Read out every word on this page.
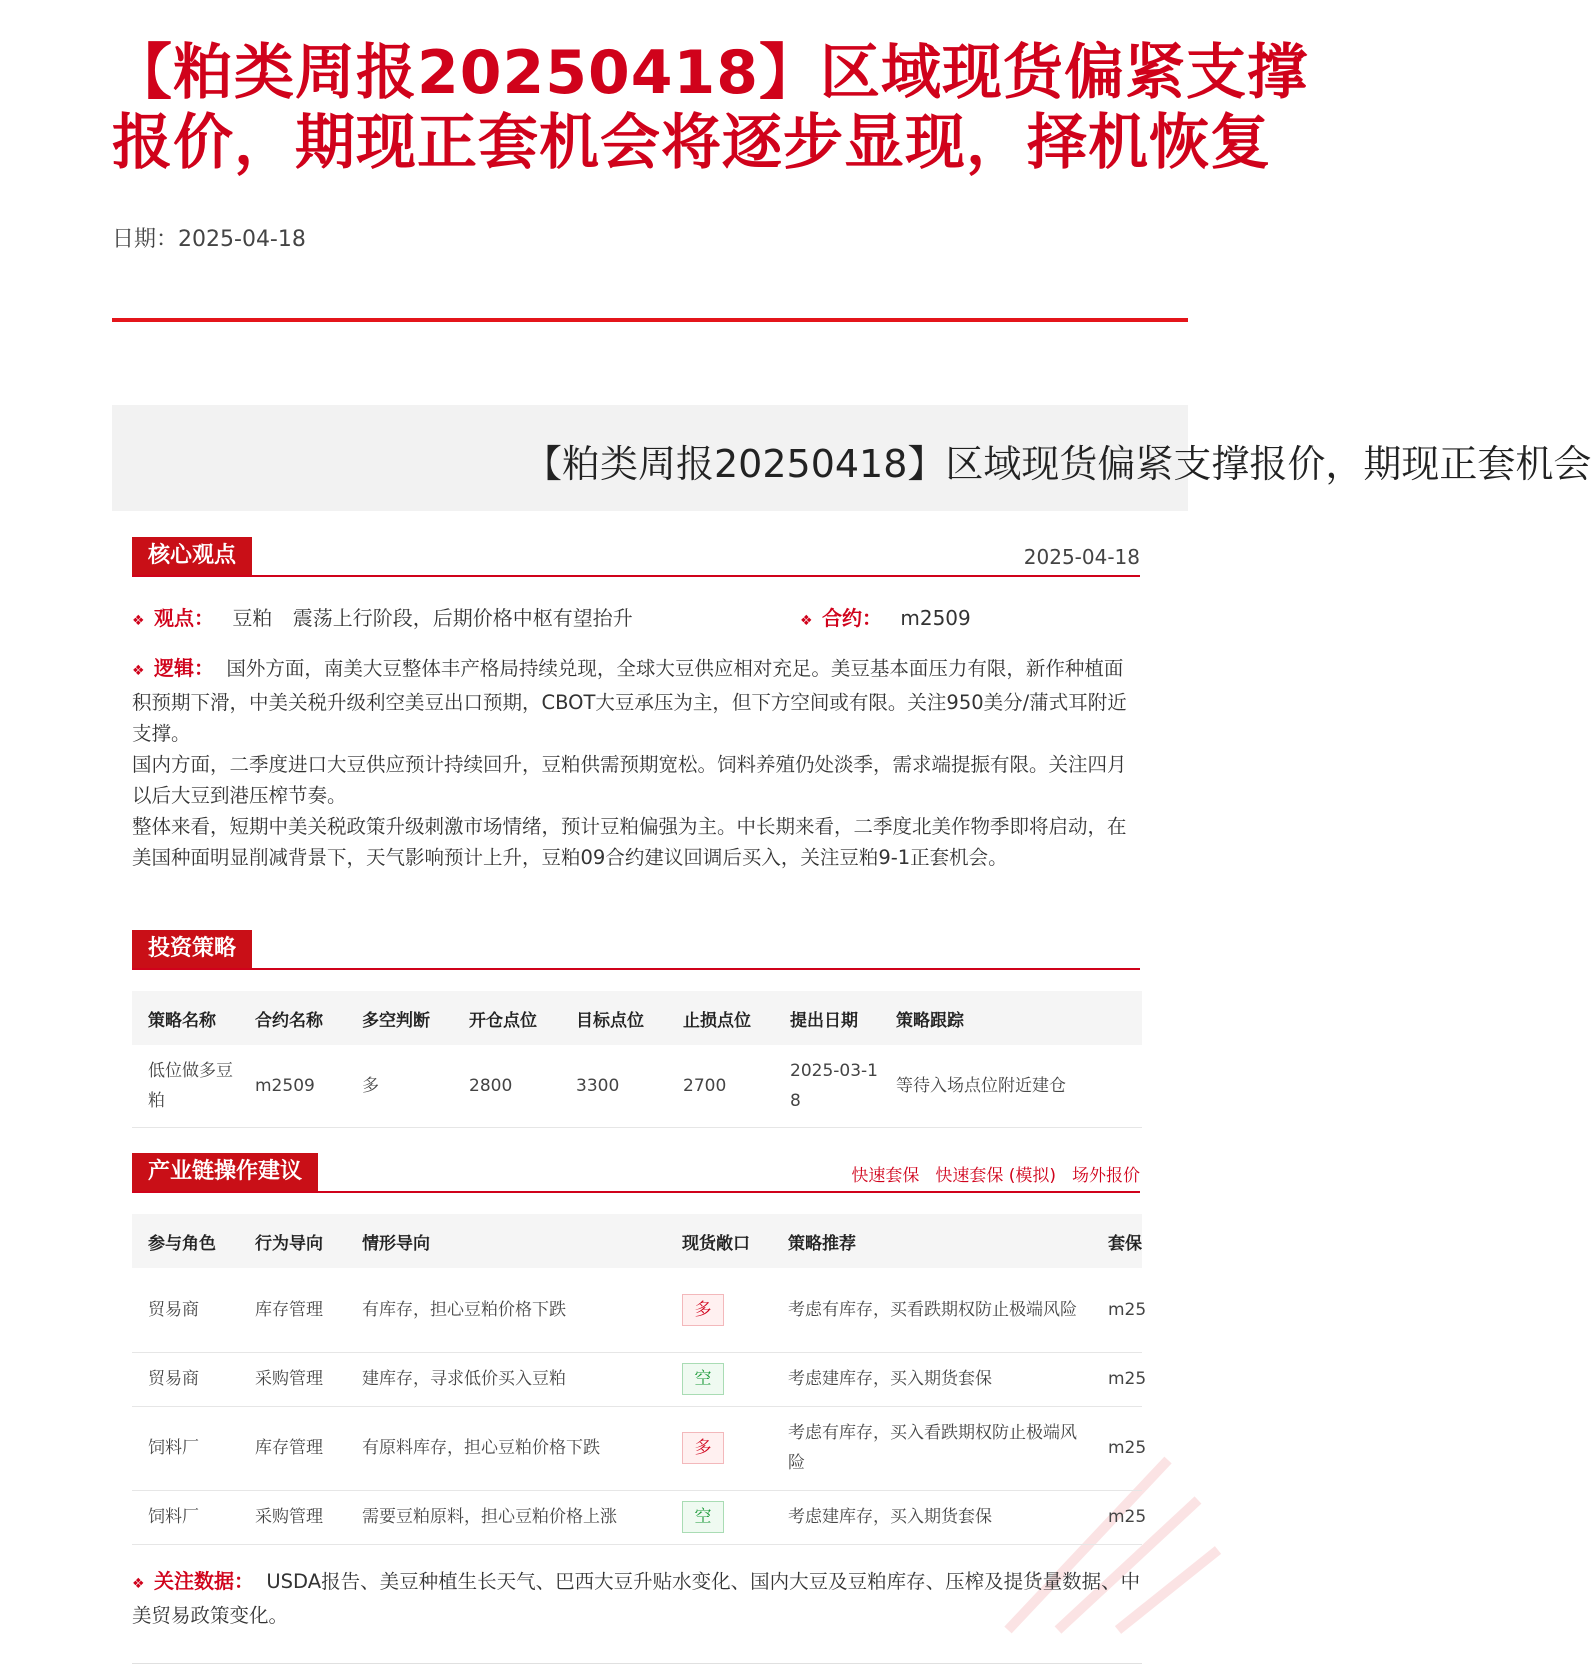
【粕类周报20250418】区域现货偏紧支撑报价，期现正套机会将逐步显现，择机恢复
日期：2025-04-18
【粕类周报20250418】区域现货偏紧支撑报价，期现正套机会
核心观点	2025-04-18
❖ 观点： 豆粕 震荡上行阶段，后期价格中枢有望抬升	❖ 合约： m2509

❖ 逻辑： 国外方面，南美大豆整体丰产格局持续兑现，全球大豆供应相对充足。美豆基本面压力有限，新作种植面积预期下滑，中美关税升级利空美豆出口预期，CBOT大豆承压为主，但下方空间或有限。关注950美分/蒲式耳附近支撑。

国内方面，二季度进口大豆供应预计持续回升，豆粕供需预期宽松。饲料养殖仍处淡季，需求端提振有限。关注四月以后大豆到港压榨节奏。

整体来看，短期中美关税政策升级刺激市场情绪，预计豆粕偏强为主。中长期来看，二季度北美作物季即将启动，在美国种面明显削减背景下，天气影响预计上升，豆粕09合约建议回调后买入，关注豆粕9-1正套机会。

投资策略
策略名称	合约名称	多空判断	开仓点位	目标点位	止损点位	提出日期	策略跟踪
低位做多豆粕	m2509	多	2800	3300	2700	2025-03-18	等待入场点位附近建仓
产业链操作建议	快速套保 快速套保 (模拟) 场外报价
参与角色	行为导向	情形导向	现货敞口	策略推荐	套保
贸易商	库存管理	有库存，担心豆粕价格下跌	多	考虑有库存，买看跌期权防止极端风险	m25
贸易商	采购管理	建库存，寻求低价买入豆粕	空	考虑建库存，买入期货套保	m25
饲料厂	库存管理	有原料库存，担心豆粕价格下跌	多	考虑有库存，买入看跌期权防止极端风险	m25
饲料厂	采购管理	需要豆粕原料，担心豆粕价格上涨	空	考虑建库存，买入期货套保	m25

❖ 关注数据： USDA报告、美豆种植生长天气、巴西大豆升贴水变化、国内大豆及豆粕库存、压榨及提货量数据、中美贸易政策变化。
